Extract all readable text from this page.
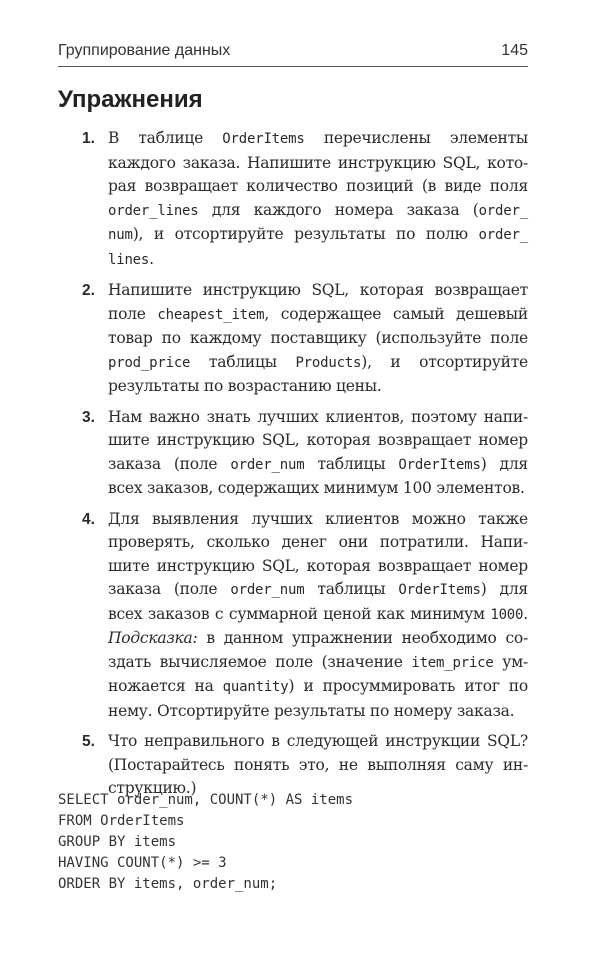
Группирование данных	145
Упражнения
1. В таблице OrderItems перечислены элементы
каждого заказа. Напишите инструкцию SQL, кото-
рая возвращает количество позиций (в виде поля
order_lines для каждого номера заказа (order_
num), и отсортируйте результаты по полю order_
lines.
2. Напишите инструкцию SQL, которая возвращает
поле cheapest_item, содержащее самый дешевый
товар по каждому поставщику (используйте поле
prod_price таблицы Products), и отсортируйте
результаты по возрастанию цены.
3. Нам важно знать лучших клиентов, поэтому напи-
шите инструкцию SQL, которая возвращает номер
заказа (поле order_num таблицы OrderItems) для
всех заказов, содержащих минимум 100 элементов.
4. Для выявления лучших клиентов можно также
проверять, сколько денег они потратили. Напи-
шите инструкцию SQL, которая возвращает номер
заказа (поле order_num таблицы OrderItems) для
всех заказов с суммарной ценой как минимум 1000.
Подсказка: в данном упражнении необходимо со-
здать вычисляемое поле (значение item_price ум-
ножается на quantity) и просуммировать итог по
нему. Отсортируйте результаты по номеру заказа.
5. Что неправильного в следующей инструкции SQL?
(Постарайтесь понять это, не выполняя саму ин-
струкцию.)
SELECT order_num, COUNT(*) AS items
FROM OrderItems
GROUP BY items
HAVING COUNT(*) >= 3
ORDER BY items, order_num;
